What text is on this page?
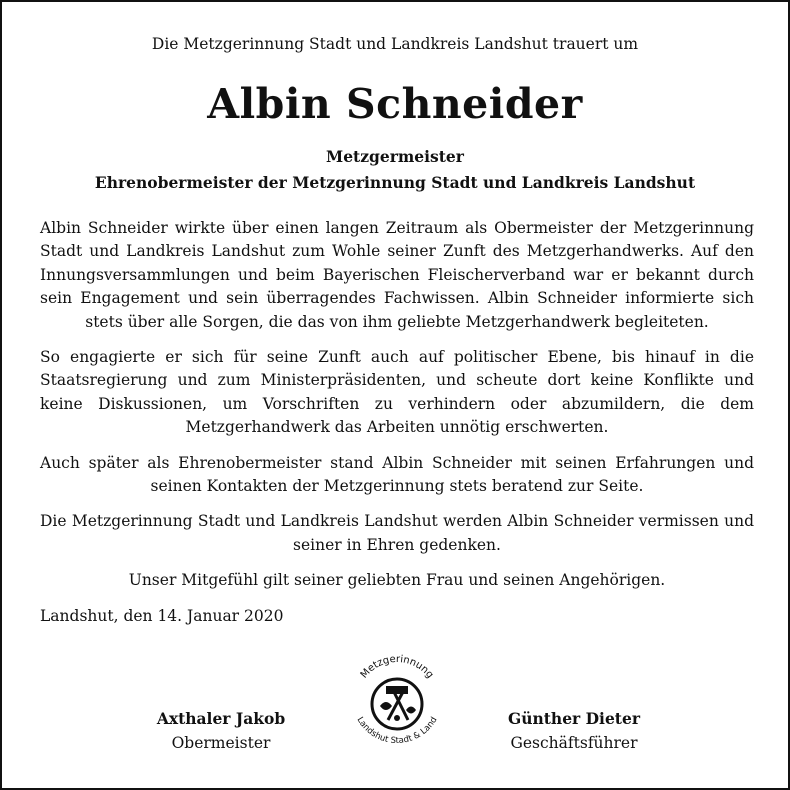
Die Metzgerinnung Stadt und Landkreis Landshut trauert um
Albin Schneider
Metzgermeister
Ehrenobermeister der Metzgerinnung Stadt und Landkreis Landshut

Albin Schneider wirkte über einen langen Zeitraum als Obermeister der Metzgerinnung Stadt und Landkreis Landshut zum Wohle seiner Zunft des Metzgerhandwerks. Auf den Innungsversammlungen und beim Bayerischen Fleischerverband war er bekannt durch sein Engagement und sein überragendes Fachwissen. Albin Schneider informierte sich stets über alle Sorgen, die das von ihm geliebte Metzgerhandwerk begleiteten.

So engagierte er sich für seine Zunft auch auf politischer Ebene, bis hinauf in die Staatsregierung und zum Ministerpräsidenten, und scheute dort keine Konflikte und keine Diskussionen, um Vorschriften zu verhindern oder abzumildern, die dem Metzgerhandwerk das Arbeiten unnötig erschwerten.

Auch später als Ehrenobermeister stand Albin Schneider mit seinen Erfahrungen und seinen Kontakten der Metzgerinnung stets beratend zur Seite.

Die Metzgerinnung Stadt und Landkreis Landshut werden Albin Schneider vermissen und seiner in Ehren gedenken.

Unser Mitgefühl gilt seiner geliebten Frau und seinen Angehörigen.

Landshut, den 14. Januar 2020

Axthaler Jakob
Obermeister
Metzgerinnung
Landshut Stadt & Land	Günther Dieter
Geschäftsführer
